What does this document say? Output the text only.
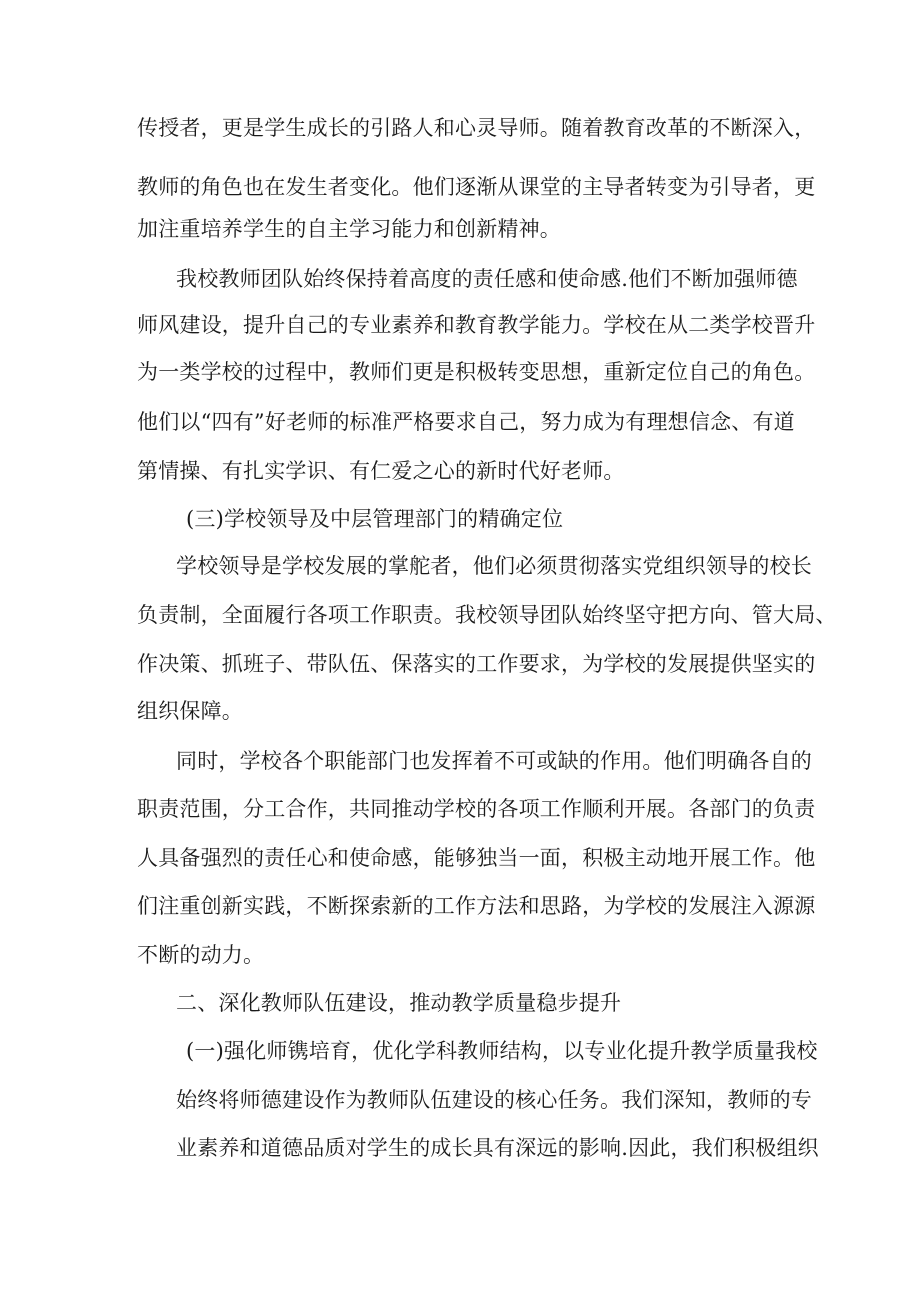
传授者，更是学生成长的引路人和心灵导师。随着教育改革的不断深入，
教师的角色也在发生者变化。他们逐渐从课堂的主导者转变为引导者，更
加注重培养学生的自主学习能力和创新精神。
我校教师团队始终保持着高度的责任感和使命感.他们不断加强师德
师风建设，提升自己的专业素养和教育教学能力。学校在从二类学校晋升
为一类学校的过程中，教师们更是积极转变思想，重新定位自己的角色。
他们以“四有”好老师的标准严格要求自己，努力成为有理想信念、有道
第情操、有扎实学识、有仁爱之心的新时代好老师。
(三)学校领导及中层管理部门的精确定位
学校领导是学校发展的掌舵者，他们必须贯彻落实党组织领导的校长
负责制，全面履行各项工作职责。我校领导团队始终坚守把方向、管大局、
作决策、抓班子、带队伍、保落实的工作要求，为学校的发展提供坚实的
组织保障。
同时，学校各个职能部门也发挥着不可或缺的作用。他们明确各自的
职责范围，分工合作，共同推动学校的各项工作顺利开展。各部门的负责
人具备强烈的责任心和使命感，能够独当一面，积极主动地开展工作。他
们注重创新实践，不断探索新的工作方法和思路，为学校的发展注入源源
不断的动力。
二、深化教师队伍建设，推动教学质量稳步提升
(一)强化师镌培育，优化学科教师结构，以专业化提升教学质量我校
始终将师德建设作为教师队伍建设的核心任务。我们深知，教师的专
业素养和道德品质对学生的成长具有深远的影响.因此，我们积极组织
